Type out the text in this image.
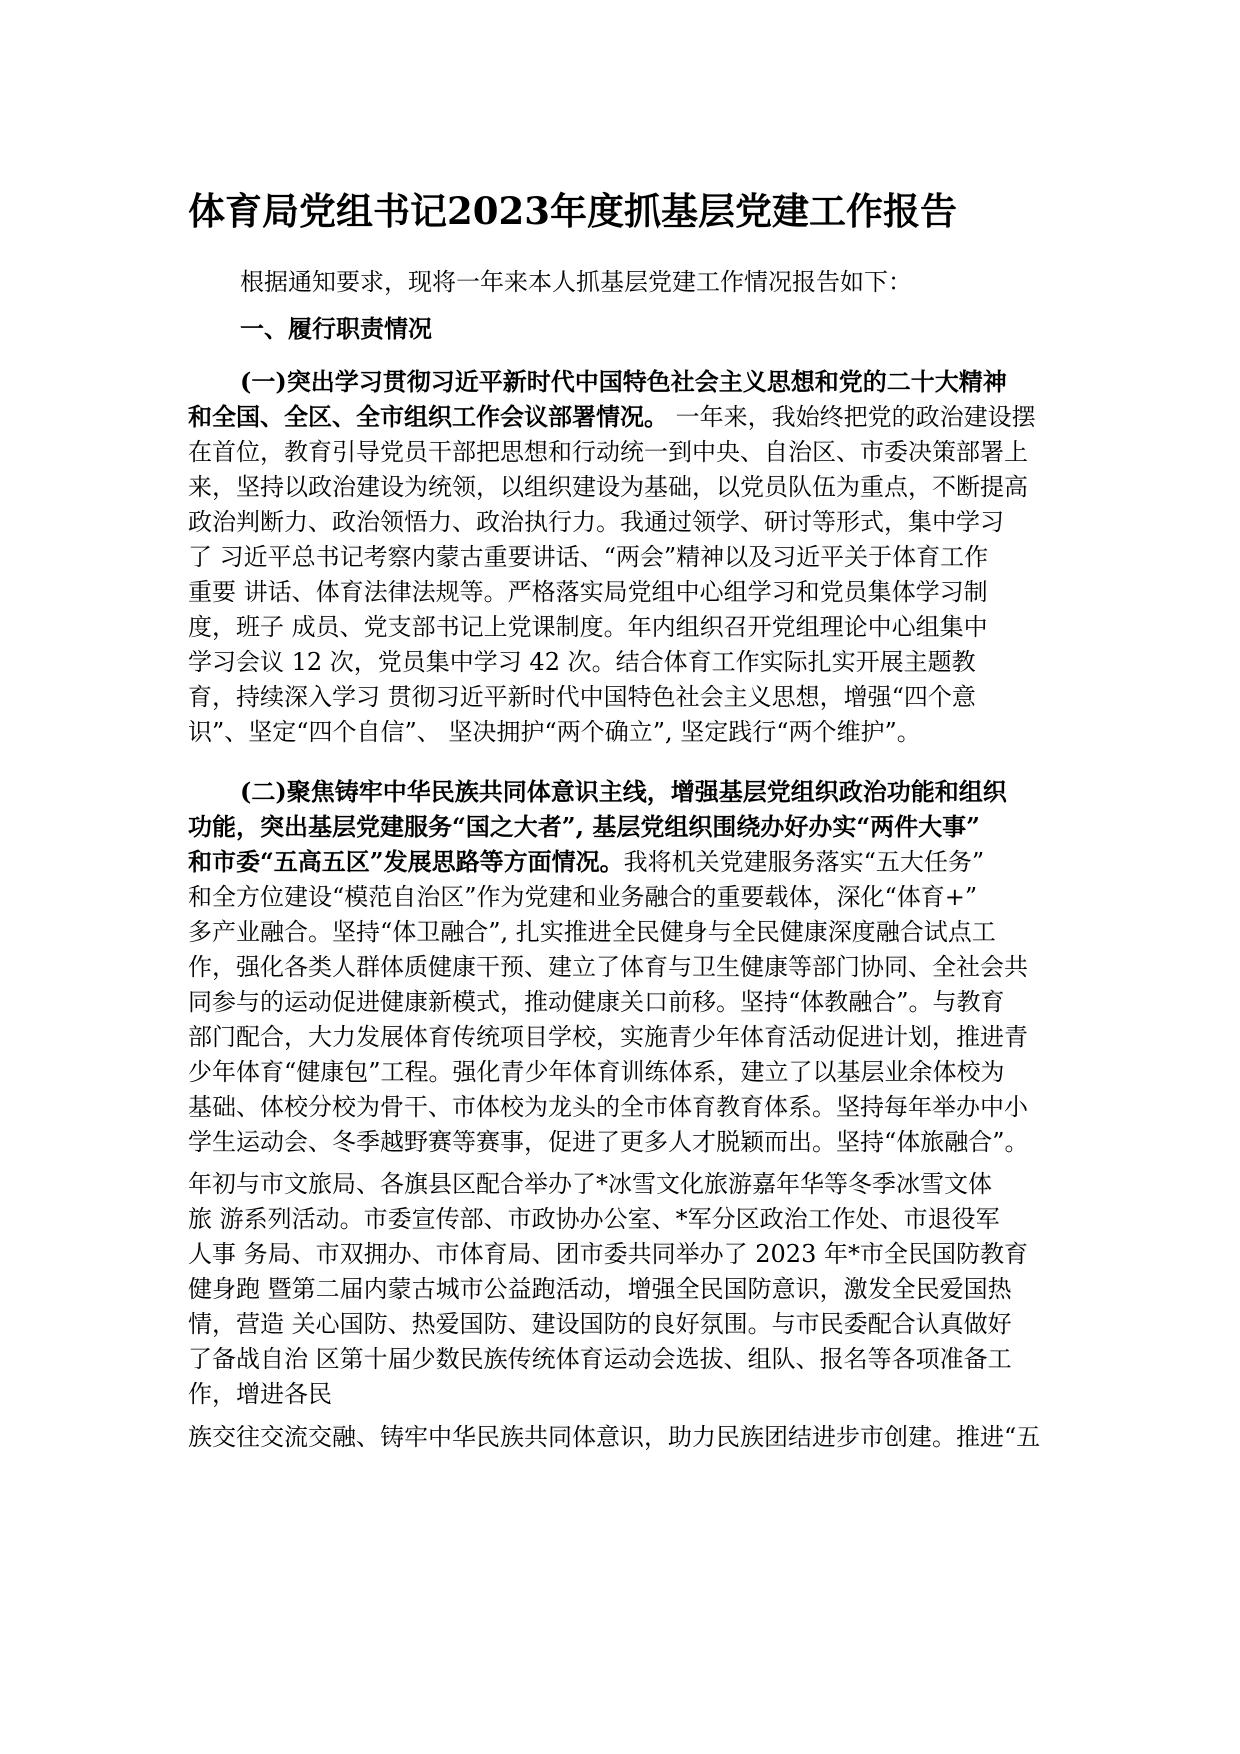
体育局党组书记2023年度抓基层党建工作报告

根据通知要求，现将一年来本人抓基层党建工作情况报告如下：

一、履行职责情况

(一)突出学习贯彻习近平新时代中国特色社会主义思想和党的二十大精神

和全国、全区、全市组织工作会议部署情况。 一年来，我始终把党的政治建设摆

在首位，教育引导党员干部把思想和行动统一到中央、自治区、市委决策部署上

来，坚持以政治建设为统领，以组织建设为基础，以党员队伍为重点，不断提高

政治判断力、政治领悟力、政治执行力。我通过领学、研讨等形式，集中学习

了 习近平总书记考察内蒙古重要讲话、“两会”精神以及习近平关于体育工作

重要 讲话、体育法律法规等。严格落实局党组中心组学习和党员集体学习制

度，班子 成员、党支部书记上党课制度。年内组织召开党组理论中心组集中

学习会议 12 次，党员集中学习 42 次。结合体育工作实际扎实开展主题教

育，持续深入学习 贯彻习近平新时代中国特色社会主义思想，增强“四个意

识”、坚定“四个自信”、 坚决拥护“两个确立”, 坚定践行“两个维护”。

(二)聚焦铸牢中华民族共同体意识主线，增强基层党组织政治功能和组织

功能，突出基层党建服务“国之大者”, 基层党组织围绕办好办实“两件大事”

和市委“五高五区”发展思路等方面情况。我将机关党建服务落实“五大任务”

和全方位建设“模范自治区”作为党建和业务融合的重要载体，深化“体育+”

多产业融合。坚持“体卫融合”, 扎实推进全民健身与全民健康深度融合试点工

作，强化各类人群体质健康干预、建立了体育与卫生健康等部门协同、全社会共

同参与的运动促进健康新模式，推动健康关口前移。坚持“体教融合”。与教育

部门配合，大力发展体育传统项目学校，实施青少年体育活动促进计划，推进青

少年体育“健康包”工程。强化青少年体育训练体系，建立了以基层业余体校为

基础、体校分校为骨干、市体校为龙头的全市体育教育体系。坚持每年举办中小

学生运动会、冬季越野赛等赛事，促进了更多人才脱颖而出。坚持“体旅融合”。

年初与市文旅局、各旗县区配合举办了*冰雪文化旅游嘉年华等冬季冰雪文体

旅 游系列活动。市委宣传部、市政协办公室、*军分区政治工作处、市退役军

人事 务局、市双拥办、市体育局、团市委共同举办了 2023 年*市全民国防教育

健身跑 暨第二届内蒙古城市公益跑活动，增强全民国防意识，激发全民爱国热

情，营造 关心国防、热爱国防、建设国防的良好氛围。与市民委配合认真做好

了备战自治 区第十届少数民族传统体育运动会选拔、组队、报名等各项准备工

作，增进各民

族交往交流交融、铸牢中华民族共同体意识，助力民族团结进步市创建。推进“五
